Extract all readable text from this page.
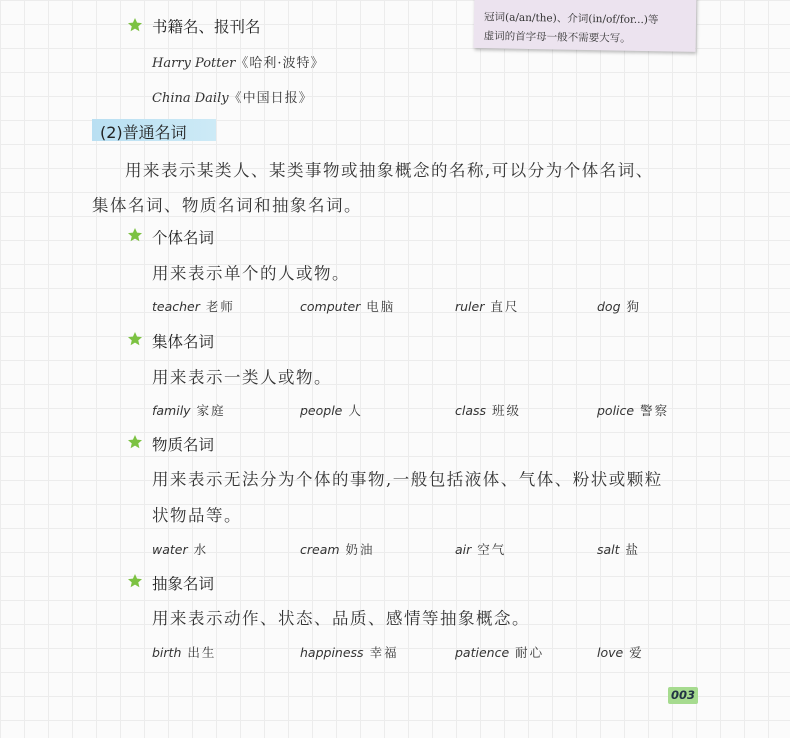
冠词(a/an/the)、介词(in/of/for...)等
虚词的首字母一般不需要大写。
书籍名、报刊名
Harry Potter《哈利·波特》
China Daily《中国日报》
(2)普通名词
用来表示某类人、某类事物或抽象概念的名称,可以分为个体名词、
集体名词、物质名词和抽象名词。
个体名词
用来表示单个的人或物。
teacher 老师	computer 电脑	ruler 直尺	dog 狗
集体名词
用来表示一类人或物。
family 家庭	people 人	class 班级	police 警察
物质名词
用来表示无法分为个体的事物,一般包括液体、气体、粉状或颗粒
状物品等。
water 水	cream 奶油	air 空气	salt 盐
抽象名词
用来表示动作、状态、品质、感情等抽象概念。
birth 出生	happiness 幸福	patience 耐心	love 爱
003
